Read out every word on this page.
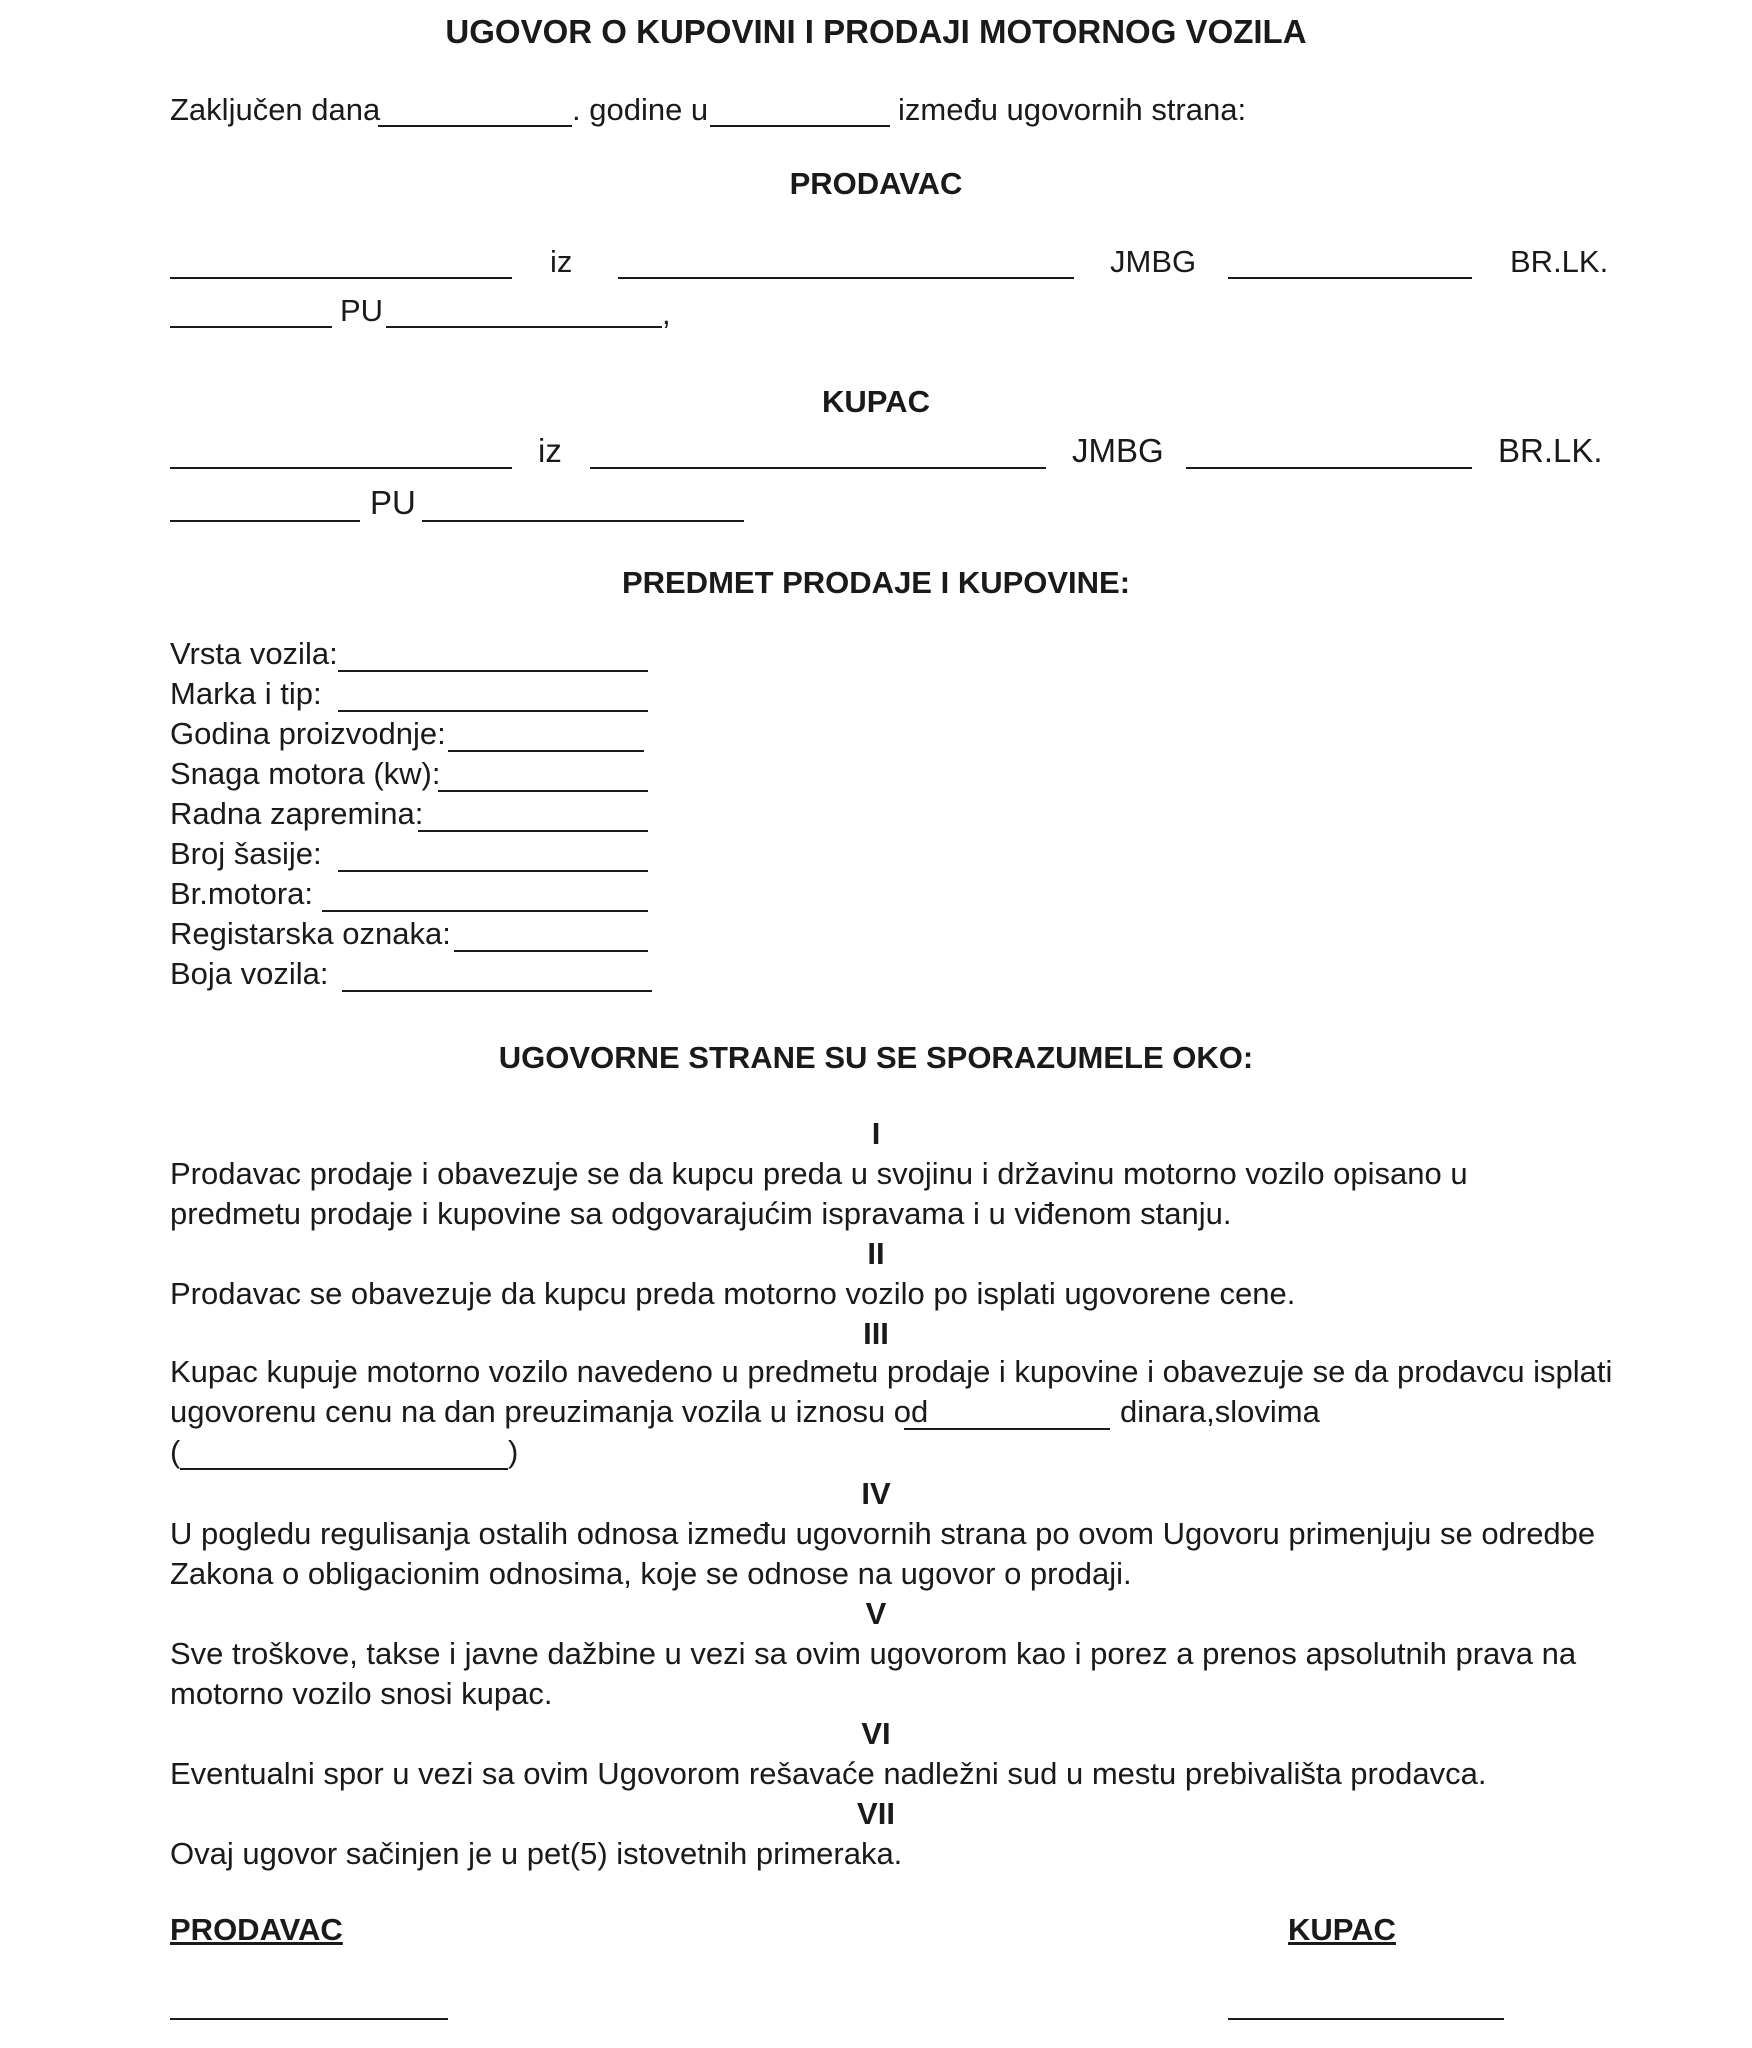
UGOVOR O KUPOVINI I PRODAJI MOTORNOG VOZILA
Zaključen dana	. godine u	između ugovornih strana:
PRODAVAC
iz	JMBG	BR.LK.
PU	,
KUPAC
iz	JMBG	BR.LK.
PU
PREDMET PRODAJE I KUPOVINE:
Vrsta vozila:
Marka i tip:
Godina proizvodnje:
Snaga motora (kw):
Radna zapremina:
Broj šasije:
Br.motora:
Registarska oznaka:
Boja vozila:
UGOVORNE STRANE SU SE SPORAZUMELE OKO:
I
Prodavac prodaje i obavezuje se da kupcu preda u svojinu i državinu motorno vozilo opisano u predmetu prodaje i kupovine sa odgovarajućim ispravama i u viđenom stanju.
II
Prodavac se obavezuje da kupcu preda motorno vozilo po isplati ugovorene cene.
III
Kupac kupuje motorno vozilo navedeno u predmetu prodaje i kupovine i obavezuje se da prodavcu isplati
ugovorenu cenu na dan preuzimanja vozila u iznosu od	dinara,slovima
(	)
IV
U pogledu regulisanja ostalih odnosa između ugovornih strana po ovom Ugovoru primenjuju se odredbe Zakona o obligacionim odnosima, koje se odnose na ugovor o prodaji.
V
Sve troškove, takse i javne dažbine u vezi sa ovim ugovorom kao i porez a prenos apsolutnih prava na motorno vozilo snosi kupac.
VI
Eventualni spor u vezi sa ovim Ugovorom rešavaće nadležni sud u mestu prebivališta prodavca.
VII
Ovaj ugovor sačinjen je u pet(5) istovetnih primeraka.
PRODAVAC	KUPAC
